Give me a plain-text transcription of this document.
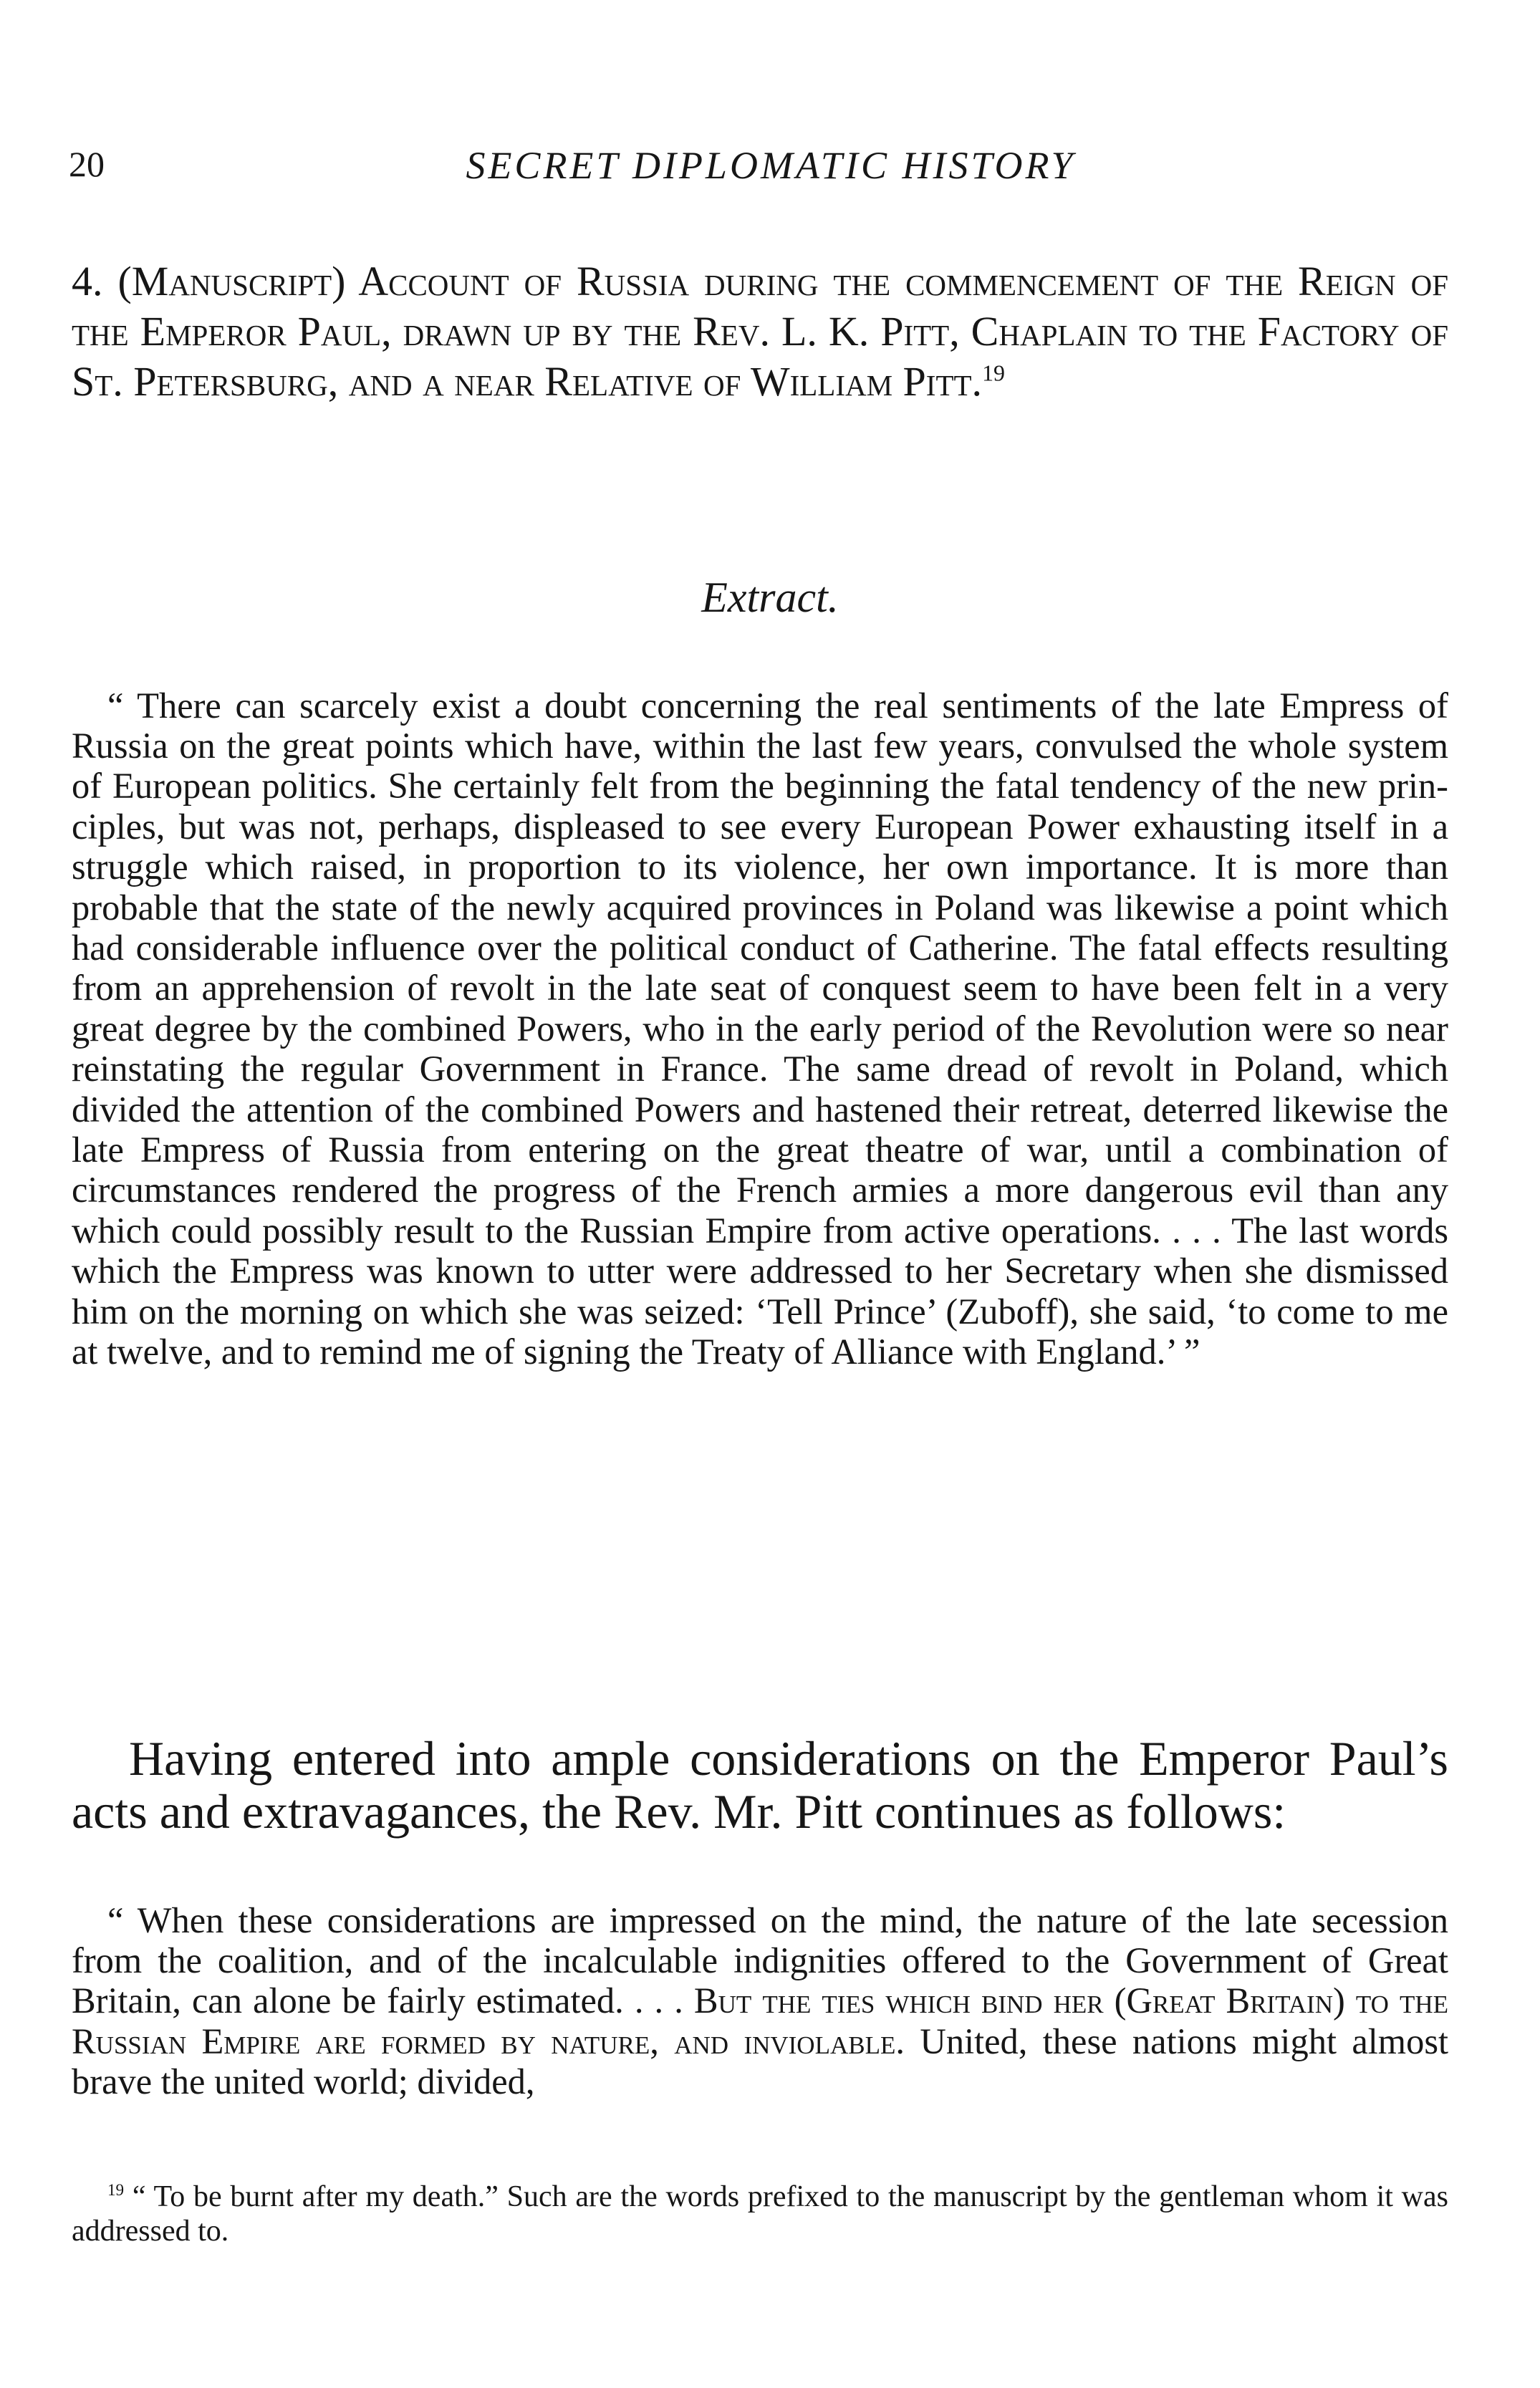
20	SECRET DIPLOMATIC HISTORY
4. (Manuscript) Account of Russia during the commencement of the Reign of the Emperor Paul, drawn up by the Rev. L. K. Pitt, Chaplain to the Factory of St. Petersburg, and a near Relative of William Pitt.$^{19}$
Extract.

“ There can scarcely exist a doubt concerning the real sentiments of the late Empress of Russia on the great points which have, within the last few years, convulsed the whole system of European politics. She certainly felt from the beginning the fatal tendency of the new principles, but was not, perhaps, displeased to see every European Power exhausting itself in a struggle which raised, in proportion to its violence, her own importance. It is more than probable that the state of the newly acquired provinces in Poland was likewise a point which had considerable influence over the political conduct of Catherine. The fatal effects resulting from an apprehension of revolt in the late seat of conquest seem to have been felt in a very great degree by the combined Powers, who in the early period of the Revolution were so near reinstating the regular Government in France. The same dread of revolt in Poland, which divided the attention of the combined Powers and hastened their retreat, deterred likewise the late Empress of Russia from entering on the great theatre of war, until a combination of circumstances rendered the progress of the French armies a more dangerous evil than any which could possibly result to the Russian Empire from active operations. . . . The last words which the Empress was known to utter were addressed to her Secretary when she dismissed him on the morning on which she was seized: ‘Tell Prince’ (Zuboff), she said, ‘to come to me at twelve, and to remind me of signing the Treaty of Alliance with England.’ ”

Having entered into ample considerations on the Emperor Paul’s acts and extravagances, the Rev. Mr. Pitt continues as follows:

“ When these considerations are impressed on the mind, the nature of the late secession from the coalition, and of the incalculable indignities offered to the Government of Great Britain, can alone be fairly estimated. . . . But the ties which bind her (Great Britain) to the Russian Empire are formed by nature, and inviolable. United, these nations might almost brave the united world; divided,

$^{19}$ “ To be burnt after my death.” Such are the words prefixed to the manuscript by the gentleman whom it was addressed to.
